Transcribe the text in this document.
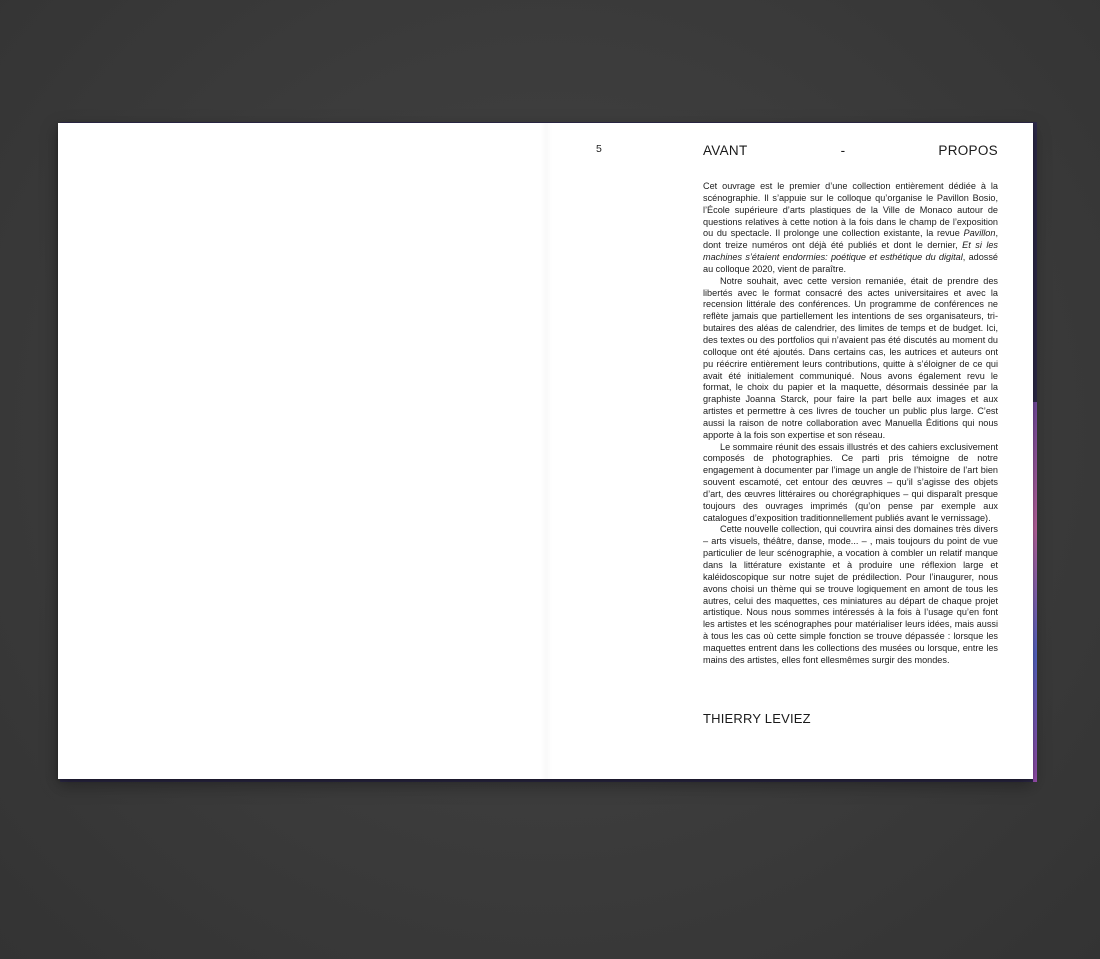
5	AVANT	-	PROPOS

Cet ouvrage est le premier d’une collection entièrement dédiée à la scénographie. Il s’appuie sur le colloque qu’organise le Pavillon Bosio, l’École supérieure d’arts plastiques de la Ville de Monaco autour de questions relatives à cette notion à la fois dans le champ de l’exposition ou du spectacle. Il prolonge une collection existante, la revue Pavillon, dont treize numéros ont déjà été publiés et dont le dernier, Et si les machines s’étaient endormies: poétique et esthétique du digital, adossé au colloque 2020, vient de paraître.

Notre souhait, avec cette version remaniée, était de prendre des libertés avec le format consacré des actes universitaires et avec la recension littérale des conférences. Un programme de conférences ne reflète jamais que partiellement les intentions de ses organisateurs, tributaires des aléas de calendrier, des limites de temps et de budget. Ici, des textes ou des portfolios qui n’avaient pas été discutés au moment du colloque ont été ajoutés. Dans certains cas, les autrices et auteurs ont pu réécrire entièrement leurs contributions, quitte à s’éloigner de ce qui avait été initialement communiqué. Nous avons également revu le format, le choix du papier et la maquette, désormais dessinée par la graphiste Joanna Starck, pour faire la part belle aux images et aux artistes et permettre à ces livres de toucher un public plus large. C’est aussi la raison de notre collaboration avec Manuella Éditions qui nous apporte à la fois son expertise et son réseau.

Le sommaire réunit des essais illustrés et des cahiers exclusivement composés de photographies. Ce parti pris témoigne de notre engagement à documenter par l’image un angle de l’histoire de l’art bien souvent escamoté, cet entour des œuvres – qu’il s’agisse des objets d’art, des œuvres littéraires ou chorégraphiques – qui disparaît presque toujours des ouvrages imprimés (qu’on pense par exemple aux catalogues d’exposition traditionnellement publiés avant le vernissage).

Cette nouvelle collection, qui couvrira ainsi des domaines très divers – arts visuels, théâtre, danse, mode... – , mais toujours du point de vue particulier de leur scénographie, a vocation à combler un relatif manque dans la littérature existante et à produire une réflexion large et kaléidoscopique sur notre sujet de prédilection. Pour l’inaugurer, nous avons choisi un thème qui se trouve logiquement en amont de tous les autres, celui des maquettes, ces miniatures au départ de chaque projet artistique. Nous nous sommes intéressés à la fois à l’usage qu’en font les artistes et les scénographes pour matérialiser leurs idées, mais aussi à tous les cas où cette simple fonction se trouve dépassée : lorsque les maquettes entrent dans les collections des musées ou lorsque, entre les mains des artistes, elles font ellesmêmes surgir des mondes.

THIERRY LEVIEZ
